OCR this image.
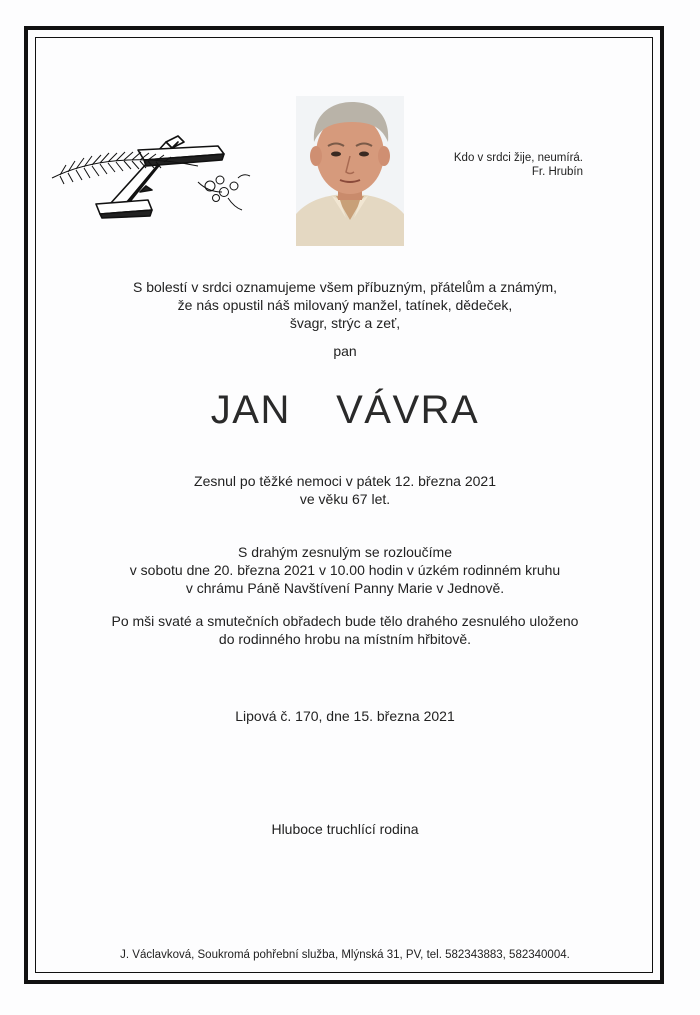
Kdo v srdci žije, neumírá.
Fr. Hrubín
S bolestí v srdci oznamujeme všem příbuzným, přátelům a známým,
že nás opustil náš milovaný manžel, tatínek, dědeček,
švagr, strýc a zeť,
pan
JAN  VÁVRA
Zesnul po těžké nemoci v pátek 12. března 2021
ve věku 67 let.
S drahým zesnulým se rozloučíme
v sobotu dne 20. března 2021 v 10.00 hodin v úzkém rodinném kruhu
v chrámu Páně Navštívení Panny Marie v Jednově.
Po mši svaté a smutečních obřadech bude tělo drahého zesnulého uloženo
do rodinného hrobu na místním hřbitově.
Lipová č. 170, dne 15. března 2021
Hluboce truchlící rodina
J. Václavková, Soukromá pohřební služba, Mlýnská 31, PV, tel. 582343883, 582340004.
